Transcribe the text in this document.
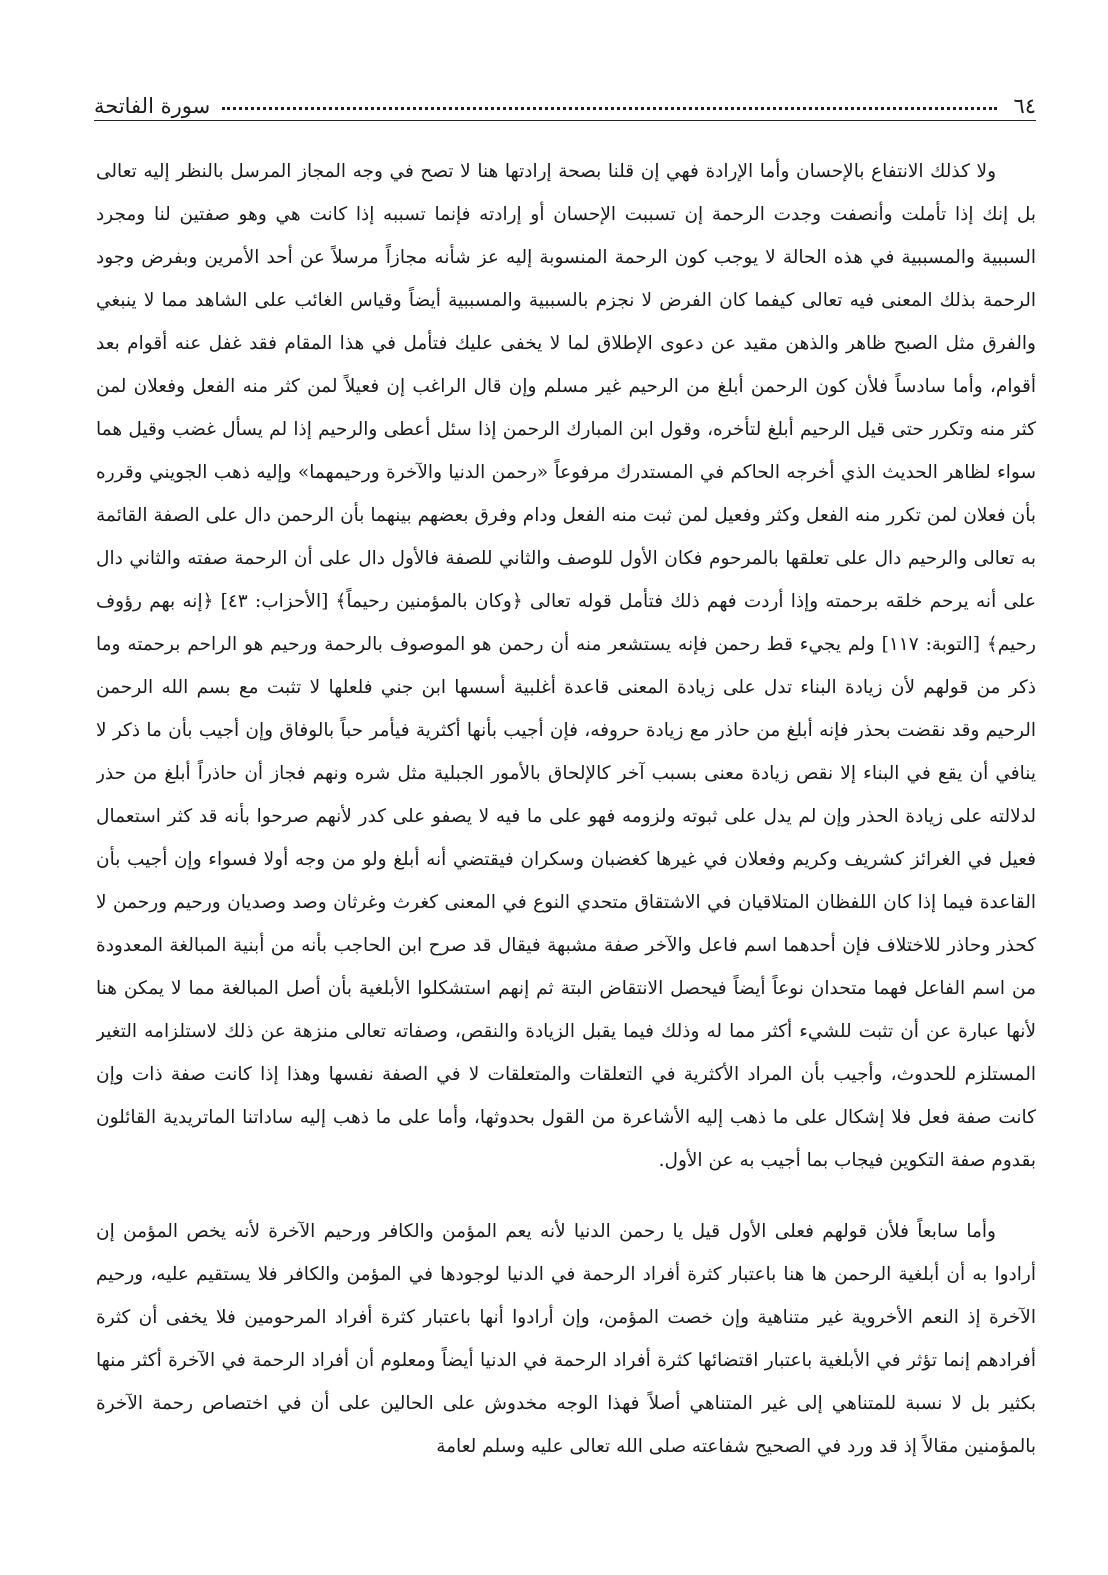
٦٤
سورة الفاتحة

ولا كذلك الانتفاع بالإحسان وأما الإرادة فهي إن قلنا بصحة إرادتها هنا لا تصح في وجه المجاز المرسل بالنظر إليه تعالى بل إنك إذا تأملت وأنصفت وجدت الرحمة إن تسببت الإحسان أو إرادته فإنما تسببه إذا كانت هي وهو صفتين لنا ومجرد السببية والمسببية في هذه الحالة لا يوجب كون الرحمة المنسوبة إليه عز شأنه مجازاً مرسلاً عن أحد الأمرين وبفرض وجود الرحمة بذلك المعنى فيه تعالى كيفما كان الفرض لا نجزم بالسببية والمسببية أيضاً وقياس الغائب على الشاهد مما لا ينبغي والفرق مثل الصبح ظاهر والذهن مقيد عن دعوى الإطلاق لما لا يخفى عليك فتأمل في هذا المقام فقد غفل عنه أقوام بعد أقوام، وأما سادساً فلأن كون الرحمن أبلغ من الرحيم غير مسلم وإن قال الراغب إن فعيلاً لمن كثر منه الفعل وفعلان لمن كثر منه وتكرر حتى قيل الرحيم أبلغ لتأخره، وقول ابن المبارك الرحمن إذا سئل أعطى والرحيم إذا لم يسأل غضب وقيل هما سواء لظاهر الحديث الذي أخرجه الحاكم في المستدرك مرفوعاً «رحمن الدنيا والآخرة ورحيمهما» وإليه ذهب الجويني وقرره بأن فعلان لمن تكرر منه الفعل وكثر وفعيل لمن ثبت منه الفعل ودام وفرق بعضهم بينهما بأن الرحمن دال على الصفة القائمة به تعالى والرحيم دال على تعلقها بالمرحوم فكان الأول للوصف والثاني للصفة فالأول دال على أن الرحمة صفته والثاني دال على أنه يرحم خلقه برحمته وإذا أردت فهم ذلك فتأمل قوله تعالى ﴿وكان بالمؤمنين رحيماً﴾ [الأحزاب: ٤٣] ﴿إنه بهم رؤوف رحيم﴾ [التوبة: ١١٧] ولم يجيء قط رحمن فإنه يستشعر منه أن رحمن هو الموصوف بالرحمة ورحيم هو الراحم برحمته وما ذكر من قولهم لأن زيادة البناء تدل على زيادة المعنى قاعدة أغلبية أسسها ابن جني فلعلها لا تثبت مع بسم الله الرحمن الرحيم وقد نقضت بحذر فإنه أبلغ من حاذر مع زيادة حروفه، فإن أجيب بأنها أكثرية فيأمر حباً بالوفاق وإن أجيب بأن ما ذكر لا ينافي أن يقع في البناء إلا نقص زيادة معنى بسبب آخر كالإلحاق بالأمور الجبلية مثل شره ونهم فجاز أن حاذراً أبلغ من حذر لدلالته على زيادة الحذر وإن لم يدل على ثبوته ولزومه فهو على ما فيه لا يصفو على كدر لأنهم صرحوا بأنه قد كثر استعمال فعيل في الغرائز كشريف وكريم وفعلان في غيرها كغضبان وسكران فيقتضي أنه أبلغ ولو من وجه أولا فسواء وإن أجيب بأن القاعدة فيما إذا كان اللفظان المتلاقيان في الاشتقاق متحدي النوع في المعنى كغرث وغرثان وصد وصديان ورحيم ورحمن لا كحذر وحاذر للاختلاف فإن أحدهما اسم فاعل والآخر صفة مشبهة فيقال قد صرح ابن الحاجب بأنه من أبنية المبالغة المعدودة من اسم الفاعل فهما متحدان نوعاً أيضاً فيحصل الانتقاض البتة ثم إنهم استشكلوا الأبلغية بأن أصل المبالغة مما لا يمكن هنا لأنها عبارة عن أن تثبت للشيء أكثر مما له وذلك فيما يقبل الزيادة والنقص، وصفاته تعالى منزهة عن ذلك لاستلزامه التغير المستلزم للحدوث، وأجيب بأن المراد الأكثرية في التعلقات والمتعلقات لا في الصفة نفسها وهذا إذا كانت صفة ذات وإن كانت صفة فعل فلا إشكال على ما ذهب إليه الأشاعرة من القول بحدوثها، وأما على ما ذهب إليه ساداتنا الماتريدية القائلون بقدوم صفة التكوين فيجاب بما أجيب به عن الأول.

وأما سابعاً فلأن قولهم فعلى الأول قيل يا رحمن الدنيا لأنه يعم المؤمن والكافر ورحيم الآخرة لأنه يخص المؤمن إن أرادوا به أن أبلغية الرحمن ها هنا باعتبار كثرة أفراد الرحمة في الدنيا لوجودها في المؤمن والكافر فلا يستقيم عليه، ورحيم الآخرة إذ النعم الأخروية غير متناهية وإن خصت المؤمن، وإن أرادوا أنها باعتبار كثرة أفراد المرحومين فلا يخفى أن كثرة أفرادهم إنما تؤثر في الأبلغية باعتبار اقتضائها كثرة أفراد الرحمة في الدنيا أيضاً ومعلوم أن أفراد الرحمة في الآخرة أكثر منها بكثير بل لا نسبة للمتناهي إلى غير المتناهي أصلاً فهذا الوجه مخدوش على الحالين على أن في اختصاص رحمة الآخرة بالمؤمنين مقالاً إذ قد ورد في الصحيح شفاعته صلى الله تعالى عليه وسلم لعامة
